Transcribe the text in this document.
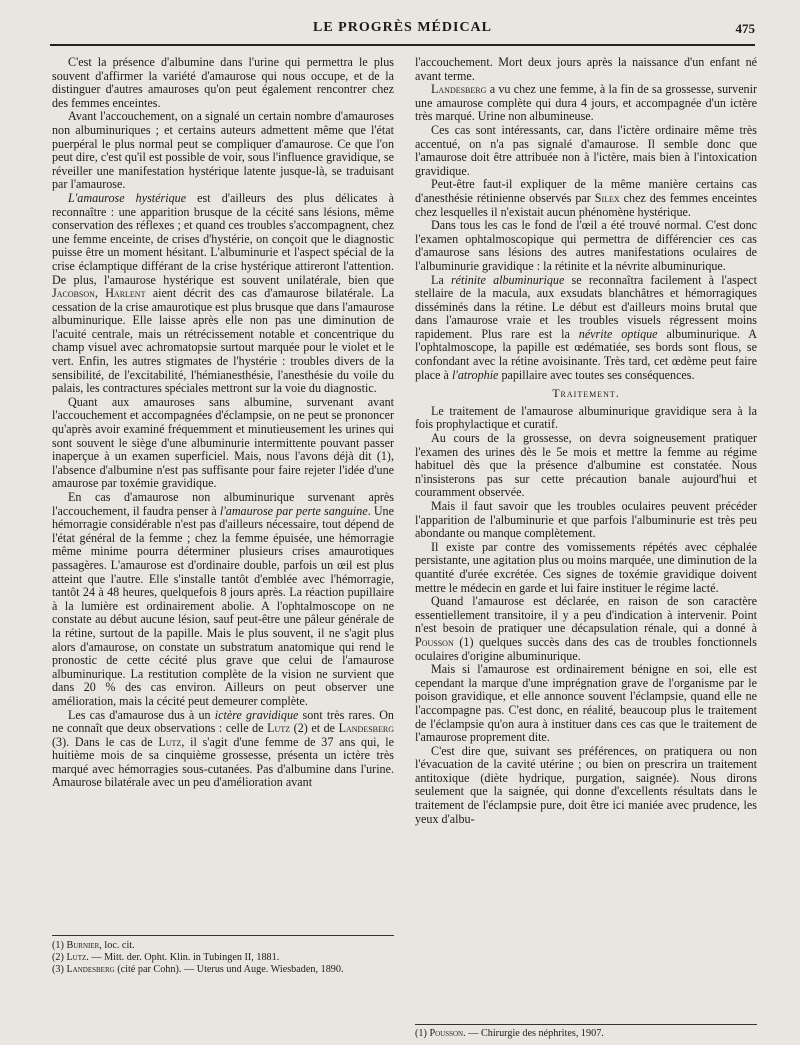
LE PROGRÈS MÉDICAL	475

C'est la présence d'albumine dans l'urine qui permettra le plus souvent d'affirmer la variété d'amaurose qui nous occupe, et de la distinguer d'autres amauroses qu'on peut également rencontrer chez des femmes enceintes.

Avant l'accouchement, on a signalé un certain nombre d'amauroses non albuminuriques ; et certains auteurs admettent même que l'état puerpéral le plus normal peut se compliquer d'amaurose. Ce que l'on peut dire, c'est qu'il est possible de voir, sous l'influence gravidique, se réveiller une manifestation hystérique latente jusque-là, se traduisant par l'amaurose.

L'amaurose hystérique est d'ailleurs des plus délicates à reconnaître : une apparition brusque de la cécité sans lésions, même conservation des réflexes ; et quand ces troubles s'accompagnent, chez une femme enceinte, de crises d'hystérie, on conçoit que le diagnostic puisse être un moment hésitant. L'albuminurie et l'aspect spécial de la crise éclamptique différant de la crise hystérique attireront l'attention. De plus, l'amaurose hystérique est souvent unilatérale, bien que Jacobson, Harlent aient décrit des cas d'amaurose bilatérale. La cessation de la crise amaurotique est plus brusque que dans l'amaurose albuminurique. Elle laisse après elle non pas une diminution de l'acuité centrale, mais un rétrécissement notable et concentrique du champ visuel avec achromatopsie surtout marquée pour le violet et le vert. Enfin, les autres stigmates de l'hystérie : troubles divers de la sensibilité, de l'excitabilité, l'hémianesthésie, l'anesthésie du voile du palais, les contractures spéciales mettront sur la voie du diagnostic.

Quant aux amauroses sans albumine, survenant avant l'accouchement et accompagnées d'éclampsie, on ne peut se prononcer qu'après avoir examiné fréquemment et minutieusement les urines qui sont souvent le siège d'une albuminurie intermittente pouvant passer inaperçue à un examen superficiel. Mais, nous l'avons déjà dit (1), l'absence d'albumine n'est pas suffisante pour faire rejeter l'idée d'une amaurose par toxémie gravidique.

En cas d'amaurose non albuminurique survenant après l'accouchement, il faudra penser à l'amaurose par perte sanguine. Une hémorragie considérable n'est pas d'ailleurs nécessaire, tout dépend de l'état général de la femme ; chez la femme épuisée, une hémorragie même minime pourra déterminer plusieurs crises amaurotiques passagères. L'amaurose est d'ordinaire double, parfois un œil est plus atteint que l'autre. Elle s'installe tantôt d'emblée avec l'hémorragie, tantôt 24 à 48 heures, quelquefois 8 jours après. La réaction pupillaire à la lumière est ordinairement abolie. A l'ophtalmoscope on ne constate au début aucune lésion, sauf peut-être une pâleur générale de la rétine, surtout de la papille. Mais le plus souvent, il ne s'agit plus alors d'amaurose, on constate un substratum anatomique qui rend le pronostic de cette cécité plus grave que celui de l'amaurose albuminurique. La restitution complète de la vision ne survient que dans 20 % des cas environ. Ailleurs on peut observer une amélioration, mais la cécité peut demeurer complète.

Les cas d'amaurose dus à un ictère gravidique sont très rares. On ne connaît que deux observations : celle de Lutz (2) et de Landesberg (3). Dans le cas de Lutz, il s'agit d'une femme de 37 ans qui, le huitième mois de sa cinquième grossesse, présenta un ictère très marqué avec hémorragies sous-cutanées. Pas d'albumine dans l'urine. Amaurose bilatérale avec un peu d'amélioration avant

l'accouchement. Mort deux jours après la naissance d'un enfant né avant terme.

Landesberg a vu chez une femme, à la fin de sa grossesse, survenir une amaurose complète qui dura 4 jours, et accompagnée d'un ictère très marqué. Urine non albumineuse.

Ces cas sont intéressants, car, dans l'ictère ordinaire même très accentué, on n'a pas signalé d'amaurose. Il semble donc que l'amaurose doit être attribuée non à l'ictère, mais bien à l'intoxication gravidique.

Peut-être faut-il expliquer de la même manière certains cas d'anesthésie rétinienne observés par Silex chez des femmes enceintes chez lesquelles il n'existait aucun phénomène hystérique.

Dans tous les cas le fond de l'œil a été trouvé normal. C'est donc l'examen ophtalmoscopique qui permettra de différencier ces cas d'amaurose sans lésions des autres manifestations oculaires de l'albuminurie gravidique : la rétinite et la névrite albuminurique.

La rétinite albuminurique se reconnaîtra facilement à l'aspect stellaire de la macula, aux exsudats blanchâtres et hémorragiques disséminés dans la rétine. Le début est d'ailleurs moins brutal que dans l'amaurose vraie et les troubles visuels régressent moins rapidement. Plus rare est la névrite optique albuminurique. A l'ophtalmoscope, la papille est œdématiée, ses bords sont flous, se confondant avec la rétine avoisinante. Très tard, cet œdème peut faire place à l'atrophie papillaire avec toutes ses conséquences.

Traitement.

Le traitement de l'amaurose albuminurique gravidique sera à la fois prophylactique et curatif.

Au cours de la grossesse, on devra soigneusement pratiquer l'examen des urines dès le 5e mois et mettre la femme au régime habituel dès que la présence d'albumine est constatée. Nous n'insisterons pas sur cette précaution banale aujourd'hui et couramment observée.

Mais il faut savoir que les troubles oculaires peuvent précéder l'apparition de l'albuminurie et que parfois l'albuminurie est très peu abondante ou manque complètement.

Il existe par contre des vomissements répétés avec céphalée persistante, une agitation plus ou moins marquée, une diminution de la quantité d'urée excrétée. Ces signes de toxémie gravidique doivent mettre le médecin en garde et lui faire instituer le régime lacté.

Quand l'amaurose est déclarée, en raison de son caractère essentiellement transitoire, il y a peu d'indication à intervenir. Point n'est besoin de pratiquer une décapsulation rénale, qui a donné à Pousson (1) quelques succès dans des cas de troubles fonctionnels oculaires d'origine albuminurique.

Mais si l'amaurose est ordinairement bénigne en soi, elle est cependant la marque d'une imprégnation grave de l'organisme par le poison gravidique, et elle annonce souvent l'éclampsie, quand elle ne l'accompagne pas. C'est donc, en réalité, beaucoup plus le traitement de l'éclampsie qu'on aura à instituer dans ces cas que le traitement de l'amaurose proprement dite.

C'est dire que, suivant ses préférences, on pratiquera ou non l'évacuation de la cavité utérine ; ou bien on prescrira un traitement antitoxique (diète hydrique, purgation, saignée). Nous dirons seulement que la saignée, qui donne d'excellents résultats dans le traitement de l'éclampsie pure, doit être ici maniée avec prudence, les yeux d'albu-

(1) Burnier, loc. cit.
(2) Lutz. — Mitt. der. Opht. Klin. in Tubingen II, 1881.
(3) Landesberg (cité par Cohn). — Uterus und Auge. Wiesbaden, 1890.
(1) Pousson. — Chirurgie des néphrites, 1907.
